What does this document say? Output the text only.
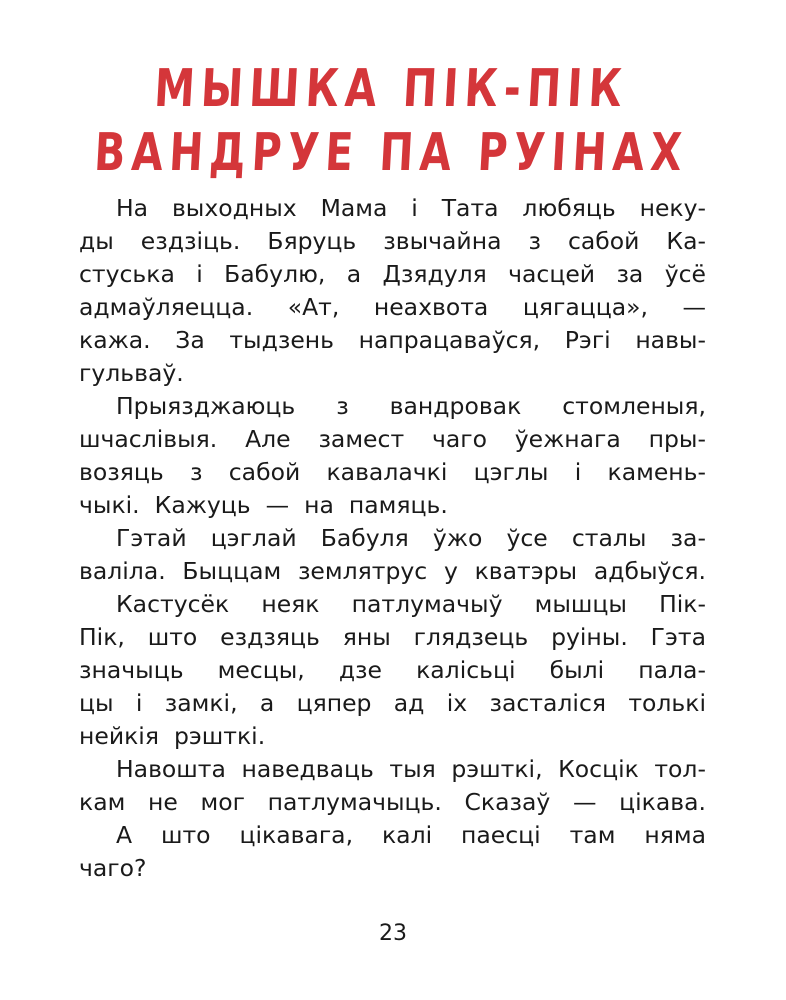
МЫШКА ПІК-ПІК
ВАНДРУЕ ПА РУІНАХ
На выходных Мама і Тата любяць неку-
ды ездзіць. Бяруць звычайна з сабой Ка-
стуська і Бабулю, а Дзядуля часцей за ўсё
адмаўляецца. «Ат, неахвота цягацца», —
кажа. За тыдзень напрацаваўся, Рэгі навы-
гульваў.
Прыязджаюць з вандровак стомленыя,
шчаслівыя. Але замест чаго ўежнага пры-
возяць з сабой кавалачкі цэглы і камень-
чыкі. Кажуць — на памяць.
Гэтай цэглай Бабуля ўжо ўсе сталы за-
валіла. Быццам землятрус у кватэры адбыўся.
Кастусёк неяк патлумачыў мышцы Пік-
Пік, што ездзяць яны глядзець руіны. Гэта
значыць месцы, дзе калісьці былі пала-
цы і замкі, а цяпер ад іх засталіся толькі
нейкія рэшткі.
Навошта наведваць тыя рэшткі, Косцік тол-
кам не мог патлумачыць. Сказаў — цікава.
А што цікавага, калі паесці там няма
чаго?
23
